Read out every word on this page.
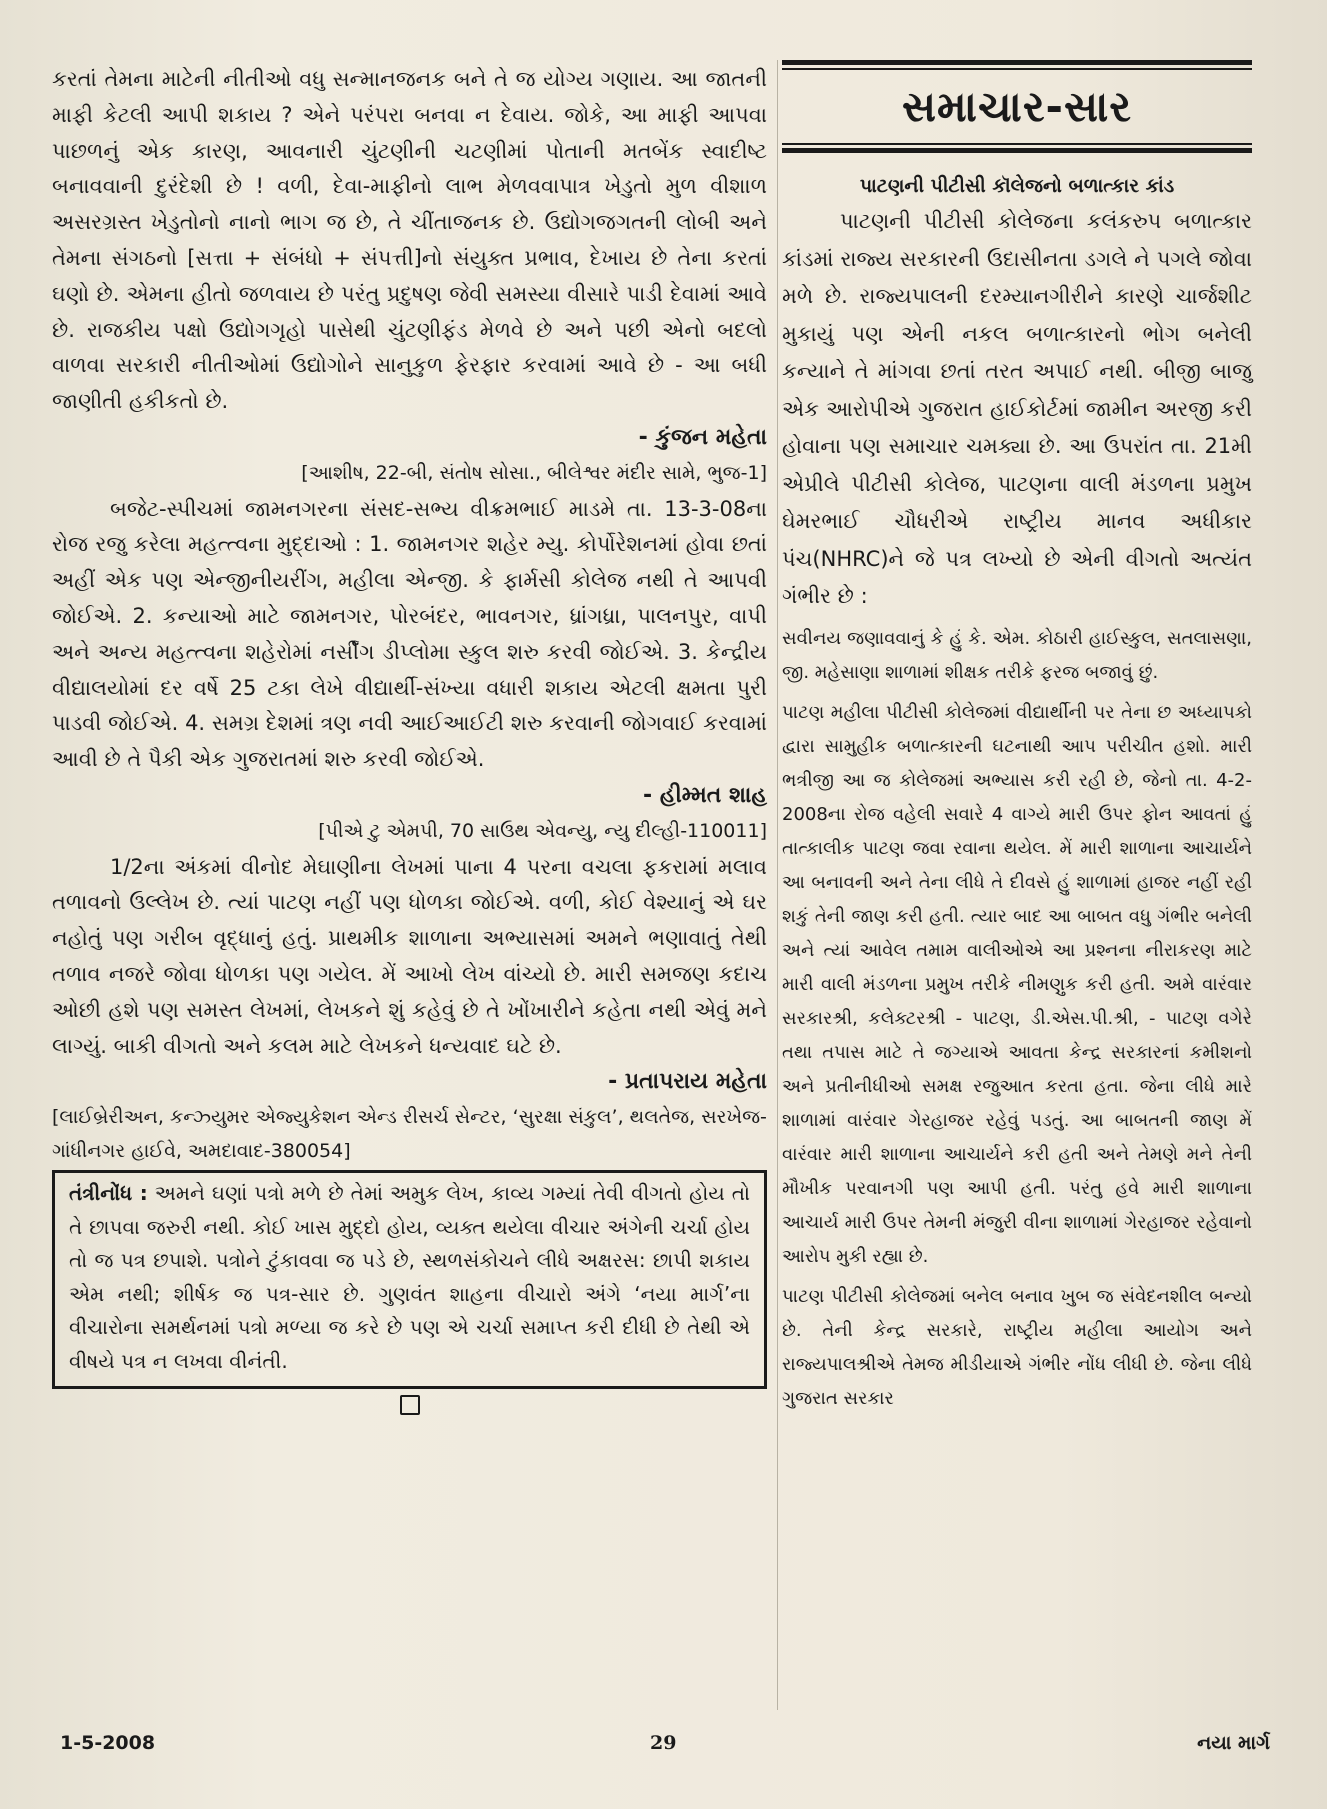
કરતાં તેમના માટેની નીતીઓ વધુ સન્માનજનક બને તે જ યોગ્ય ગણાય. આ જાતની માફી કેટલી આપી શકાય ? એને પરંપરા બનવા ન દેવાય. જોકે, આ માફી આપવા પાછળનું એક કારણ, આવનારી ચુંટણીની ચટણીમાં પોતાની મતબેંક સ્વાદીષ્ટ બનાવવાની દુરંદેશી છે ! વળી, દેવા-માફીનો લાભ મેળવવાપાત્ર ખેડુતો મુળ વીશાળ અસરગ્રસ્ત ખેડુતોનો નાનો ભાગ જ છે, તે ચીંતાજનક છે. ઉદ્યોગજગતની લોબી અને તેમના સંગઠનો [સત્તા + સંબંધો + સંપત્તી]નો સંયુક્ત પ્રભાવ, દેખાય છે તેના કરતાં ઘણો છે. એમના હીતો જળવાય છે પરંતુ પ્રદુષણ જેવી સમસ્યા વીસારે પાડી દેવામાં આવે છે. રાજકીય પક્ષો ઉદ્યોગગૃહો પાસેથી ચુંટણીફંડ મેળવે છે અને પછી એનો બદલો વાળવા સરકારી નીતીઓમાં ઉદ્યોગોને સાનુકુળ ફેરફાર કરવામાં આવે છે - આ બધી જાણીતી હકીકતો છે.

- કુંજન મહેતા

[આશીષ, 22-બી, સંતોષ સોસા., બીલેશ્વર મંદીર સામે, ભુજ-1]

બજેટ-સ્પીચમાં જામનગરના સંસદ-સભ્ય વીક્રમભાઈ માડમે તા. 13-3-08ના રોજ રજુ કરેલા મહત્ત્વના મુદ્દાઓ : 1. જામનગર શહેર મ્યુ. કોર્પોરેશનમાં હોવા છતાં અહીં એક પણ એન્જીનીયરીંગ, મહીલા એન્જી. કે ફાર્મસી કોલેજ નથી તે આપવી જોઈએ. 2. કન્યાઓ માટે જામનગર, પોરબંદર, ભાવનગર, ધ્રાંગધ્રા, પાલનપુર, વાપી અને અન્ય મહત્ત્વના શહેરોમાં નર્સીંગ ડીપ્લોમા સ્કુલ શરુ કરવી જોઈએ. 3. કેન્દ્રીય વીદ્યાલયોમાં દર વર્ષે 25 ટકા લેખે વીદ્યાર્થી-સંખ્યા વધારી શકાય એટલી ક્ષમતા પુરી પાડવી જોઈએ. 4. સમગ્ર દેશમાં ત્રણ નવી આઈઆઈટી શરુ કરવાની જોગવાઈ કરવામાં આવી છે તે પૈકી એક ગુજરાતમાં શરુ કરવી જોઈએ.

- હીમ્મત શાહ

[પીએ ટુ એમપી, 70 સાઉથ એવન્યુ, ન્યુ દીલ્હી-110011]

1/2ના અંકમાં વીનોદ મેઘાણીના લેખમાં પાના 4 પરના વચલા ફકરામાં મલાવ તળાવનો ઉલ્લેખ છે. ત્યાં પાટણ નહીં પણ ધોળકા જોઈએ. વળી, કોઈ વેશ્યાનું એ ઘર નહોતું પણ ગરીબ વૃદ્ધાનું હતું. પ્રાથમીક શાળાના અભ્યાસમાં અમને ભણાવાતું તેથી તળાવ નજરે જોવા ધોળકા પણ ગયેલ. મેં આખો લેખ વાંચ્યો છે. મારી સમજણ કદાચ ઓછી હશે પણ સમસ્ત લેખમાં, લેખકને શું કહેવું છે તે ખોંખારીને કહેતા નથી એવું મને લાગ્યું. બાકી વીગતો અને કલમ માટે લેખકને ધન્યવાદ ઘટે છે.

- પ્રતાપરાય મહેતા

[લાઈબ્રેરીઅન, કન્ઝ્યુમર એજ્યુકેશન એન્ડ રીસર્ચ સેન્ટર, ‘સુરક્ષા સંકુલ’, થલતેજ, સરખેજ-ગાંધીનગર હાઈવે, અમદાવાદ-380054]

તંત્રીનોંધ : અમને ઘણાં પત્રો મળે છે તેમાં અમુક લેખ, કાવ્ય ગમ્યાં તેવી વીગતો હોય તો તે છાપવા જરુરી નથી. કોઈ ખાસ મુદ્દો હોય, વ્યક્ત થયેલા વીચાર અંગેની ચર્ચા હોય તો જ પત્ર છપાશે. પત્રોને ટુંકાવવા જ પડે છે, સ્થળસંકોચને લીધે અક્ષરસ: છાપી શકાય એમ નથી; શીર્ષક જ પત્ર-સાર છે. ગુણવંત શાહના વીચારો અંગે ‘નયા માર્ગ’ના વીચારોના સમર્થનમાં પત્રો મળ્યા જ કરે છે પણ એ ચર્ચા સમાપ્ત કરી દીધી છે તેથી એ વીષયે પત્ર ન લખવા વીનંતી.
સમાચાર-સાર
પાટણની પીટીસી કૉલેજનો બળાત્કાર કાંડ

પાટણની પીટીસી કોલેજના કલંકરુપ બળાત્કાર કાંડમાં રાજ્ય સરકારની ઉદાસીનતા ડગલે ને પગલે જોવા મળે છે. રાજ્યપાલની દરમ્યાનગીરીને કારણે ચાર્જશીટ મુકાયું પણ એની નકલ બળાત્કારનો ભોગ બનેલી કન્યાને તે માંગવા છતાં તરત અપાઈ નથી. બીજી બાજુ એક આરોપીએ ગુજરાત હાઈકોર્ટમાં જામીન અરજી કરી હોવાના પણ સમાચાર ચમક્યા છે. આ ઉપરાંત તા. 21મી એપ્રીલે પીટીસી કોલેજ, પાટણના વાલી મંડળના પ્રમુખ ઘેમરભાઈ ચૌધરીએ રાષ્ટ્રીય માનવ અધીકાર પંચ(NHRC)ને જે પત્ર લખ્યો છે એની વીગતો અત્યંત ગંભીર છે :

સવીનય જણાવવાનું કે હું કે. એમ. કોઠારી હાઈસ્કુલ, સતલાસણા, જી. મહેસાણા શાળામાં શીક્ષક તરીકે ફરજ બજાવું છું.

પાટણ મહીલા પીટીસી કોલેજમાં વીદ્યાર્થીની પર તેના છ અધ્યાપકો દ્વારા સામુહીક બળાત્કારની ઘટનાથી આપ પરીચીત હશો. મારી ભત્રીજી આ જ કોલેજમાં અભ્યાસ કરી રહી છે, જેનો તા. 4-2-2008ના રોજ વહેલી સવારે 4 વાગ્યે મારી ઉપર ફોન આવતાં હું તાત્કાલીક પાટણ જવા રવાના થયેલ. મેં મારી શાળાના આચાર્યને આ બનાવની અને તેના લીધે તે દીવસે હું શાળામાં હાજર નહીં રહી શકું તેની જાણ કરી હતી. ત્યાર બાદ આ બાબત વધુ ગંભીર બનેલી અને ત્યાં આવેલ તમામ વાલીઓએ આ પ્રશ્નના નીરાકરણ માટે મારી વાલી મંડળના પ્રમુખ તરીકે નીમણુક કરી હતી. અમે વારંવાર સરકારશ્રી, કલેક્ટરશ્રી - પાટણ, ડી.એસ.પી.શ્રી, - પાટણ વગેરે તથા તપાસ માટે તે જગ્યાએ આવતા કેન્દ્ર સરકારનાં કમીશનો અને પ્રતીનીધીઓ સમક્ષ રજુઆત કરતા હતા. જેના લીધે મારે શાળામાં વારંવાર ગેરહાજર રહેવું પડતું. આ બાબતની જાણ મેં વારંવાર મારી શાળાના આચાર્યને કરી હતી અને તેમણે મને તેની મૌખીક પરવાનગી પણ આપી હતી. પરંતુ હવે મારી શાળાના આચાર્ય મારી ઉપર તેમની મંજુરી વીના શાળામાં ગેરહાજર રહેવાનો આરોપ મુકી રહ્યા છે.

પાટણ પીટીસી કોલેજમાં બનેલ બનાવ ખુબ જ સંવેદનશીલ બન્યો છે. તેની કેન્દ્ર સરકારે, રાષ્ટ્રીય મહીલા આયોગ અને રાજ્યપાલશ્રીએ તેમજ મીડીયાએ ગંભીર નોંધ લીધી છે. જેના લીધે ગુજરાત સરકાર

1-5-2008	29	નયા માર્ગ
